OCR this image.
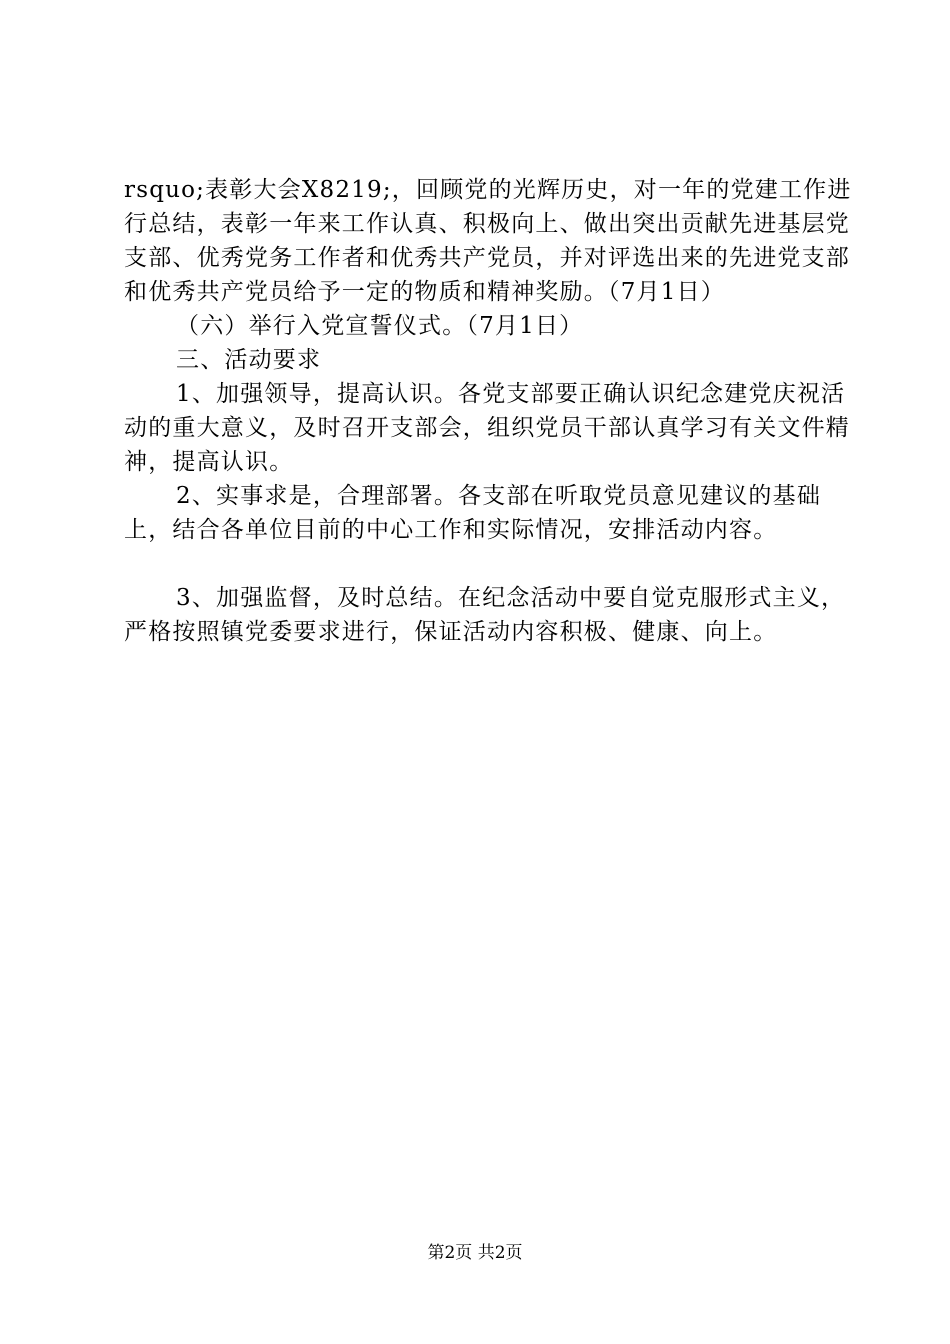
rsquo;表彰大会X8219;，回顾党的光辉历史，对一年的党建工作进行总结，表彰一年来工作认真、积极向上、做出突出贡献先进基层党支部、优秀党务工作者和优秀共产党员，并对评选出来的先进党支部和优秀共产党员给予一定的物质和精神奖励。（7月1日）

（六）举行入党宣誓仪式。（7月1日）

三、活动要求

1、加强领导，提高认识。各党支部要正确认识纪念建党庆祝活动的重大意义，及时召开支部会，组织党员干部认真学习有关文件精神，提高认识。

2、实事求是，合理部署。各支部在听取党员意见建议的基础上，结合各单位目前的中心工作和实际情况，安排活动内容。

3、加强监督，及时总结。在纪念活动中要自觉克服形式主义，严格按照镇党委要求进行，保证活动内容积极、健康、向上。

第2页 共2页
